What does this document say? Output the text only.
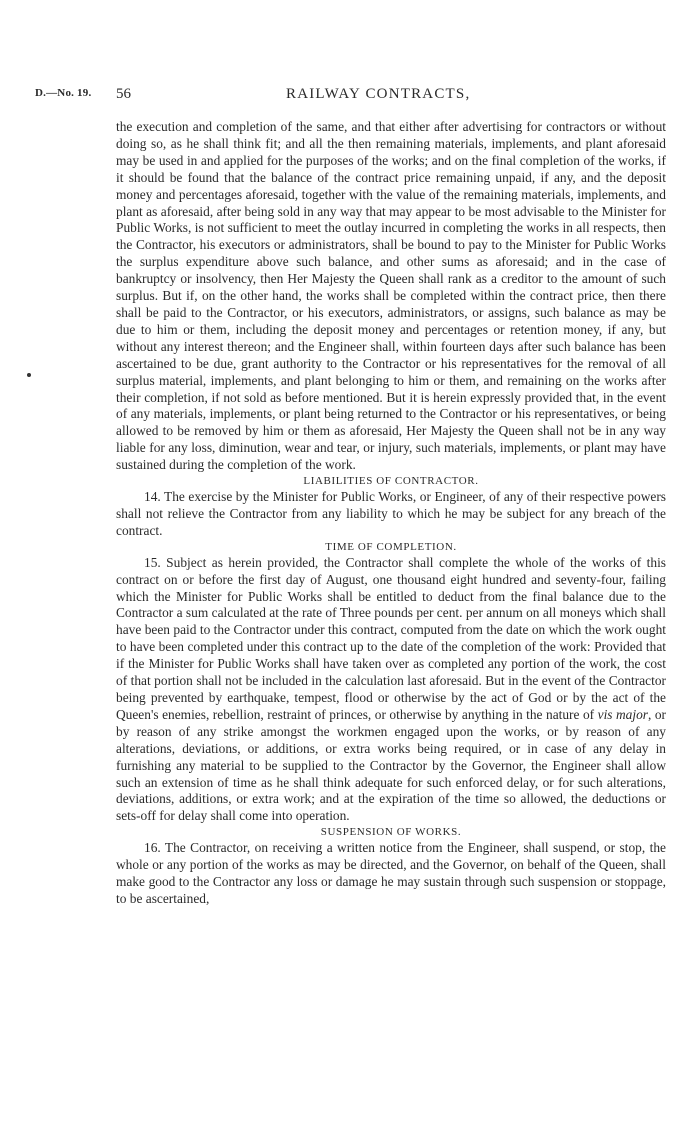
D.—No. 19. 56	RAILWAY CONTRACTS,

the execution and completion of the same, and that either after advertising for contractors or without doing so, as he shall think fit; and all the then remaining materials, implements, and plant aforesaid may be used in and applied for the purposes of the works; and on the final completion of the works, if it should be found that the balance of the contract price remaining unpaid, if any, and the deposit money and percentages aforesaid, together with the value of the remaining materials, implements, and plant as aforesaid, after being sold in any way that may appear to be most advisable to the Minister for Public Works, is not sufficient to meet the outlay incurred in completing the works in all respects, then the Contractor, his executors or administrators, shall be bound to pay to the Minister for Public Works the surplus expenditure above such balance, and other sums as aforesaid; and in the case of bankruptcy or insolvency, then Her Majesty the Queen shall rank as a creditor to the amount of such surplus. But if, on the other hand, the works shall be completed within the contract price, then there shall be paid to the Contractor, or his executors, administrators, or assigns, such balance as may be due to him or them, including the deposit money and percentages or retention money, if any, but without any interest thereon; and the Engineer shall, within fourteen days after such balance has been ascertained to be due, grant authority to the Contractor or his representatives for the removal of all surplus material, implements, and plant belonging to him or them, and remaining on the works after their completion, if not sold as before mentioned. But it is herein expressly provided that, in the event of any materials, implements, or plant being returned to the Contractor or his representatives, or being allowed to be removed by him or them as aforesaid, Her Majesty the Queen shall not be in any way liable for any loss, diminution, wear and tear, or injury, such materials, implements, or plant may have sustained during the completion of the work.

LIABILITIES OF CONTRACTOR.

14. The exercise by the Minister for Public Works, or Engineer, of any of their respective powers shall not relieve the Contractor from any liability to which he may be subject for any breach of the contract.

TIME OF COMPLETION.

15. Subject as herein provided, the Contractor shall complete the whole of the works of this contract on or before the first day of August, one thousand eight hundred and seventy-four, failing which the Minister for Public Works shall be entitled to deduct from the final balance due to the Contractor a sum calculated at the rate of Three pounds per cent. per annum on all moneys which shall have been paid to the Contractor under this contract, computed from the date on which the work ought to have been completed under this contract up to the date of the completion of the work: Provided that if the Minister for Public Works shall have taken over as completed any portion of the work, the cost of that portion shall not be included in the calculation last aforesaid. But in the event of the Contractor being prevented by earthquake, tempest, flood or otherwise by the act of God or by the act of the Queen's enemies, rebellion, restraint of princes, or otherwise by anything in the nature of vis major, or by reason of any strike amongst the workmen engaged upon the works, or by reason of any alterations, deviations, or additions, or extra works being required, or in case of any delay in furnishing any material to be supplied to the Contractor by the Governor, the Engineer shall allow such an extension of time as he shall think adequate for such enforced delay, or for such alterations, deviations, additions, or extra work; and at the expiration of the time so allowed, the deductions or sets-off for delay shall come into operation.

SUSPENSION OF WORKS.

16. The Contractor, on receiving a written notice from the Engineer, shall suspend, or stop, the whole or any portion of the works as may be directed, and the Governor, on behalf of the Queen, shall make good to the Contractor any loss or damage he may sustain through such suspension or stoppage, to be ascertained,
